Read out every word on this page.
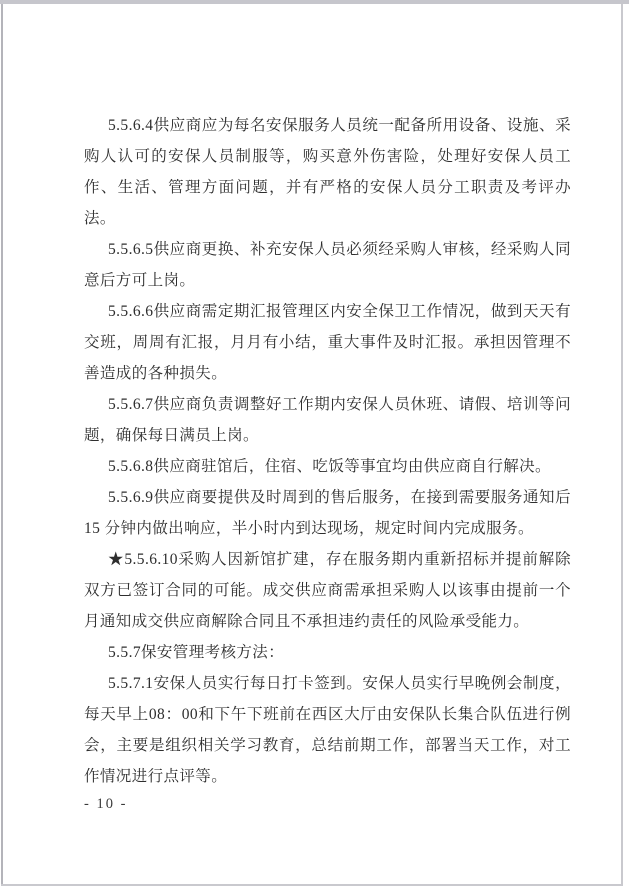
5.5.6.4供应商应为每名安保服务人员统一配备所用设备、设施、采购人认可的安保人员制服等，购买意外伤害险，处理好安保人员工作、生活、管理方面问题，并有严格的安保人员分工职责及考评办法。

5.5.6.5供应商更换、补充安保人员必须经采购人审核，经采购人同意后方可上岗。

5.5.6.6供应商需定期汇报管理区内安全保卫工作情况，做到天天有交班，周周有汇报，月月有小结，重大事件及时汇报。承担因管理不善造成的各种损失。

5.5.6.7供应商负责调整好工作期内安保人员休班、请假、培训等问题，确保每日满员上岗。

5.5.6.8供应商驻馆后，住宿、吃饭等事宜均由供应商自行解决。

5.5.6.9供应商要提供及时周到的售后服务，在接到需要服务通知后15 分钟内做出响应，半小时内到达现场，规定时间内完成服务。

★5.5.6.10采购人因新馆扩建，存在服务期内重新招标并提前解除双方已签订合同的可能。成交供应商需承担采购人以该事由提前一个月通知成交供应商解除合同且不承担违约责任的风险承受能力。

5.5.7保安管理考核方法：

5.5.7.1安保人员实行每日打卡签到。安保人员实行早晚例会制度，每天早上08：00和下午下班前在西区大厅由安保队长集合队伍进行例会，主要是组织相关学习教育，总结前期工作，部署当天工作，对工作情况进行点评等。

- 10 -
